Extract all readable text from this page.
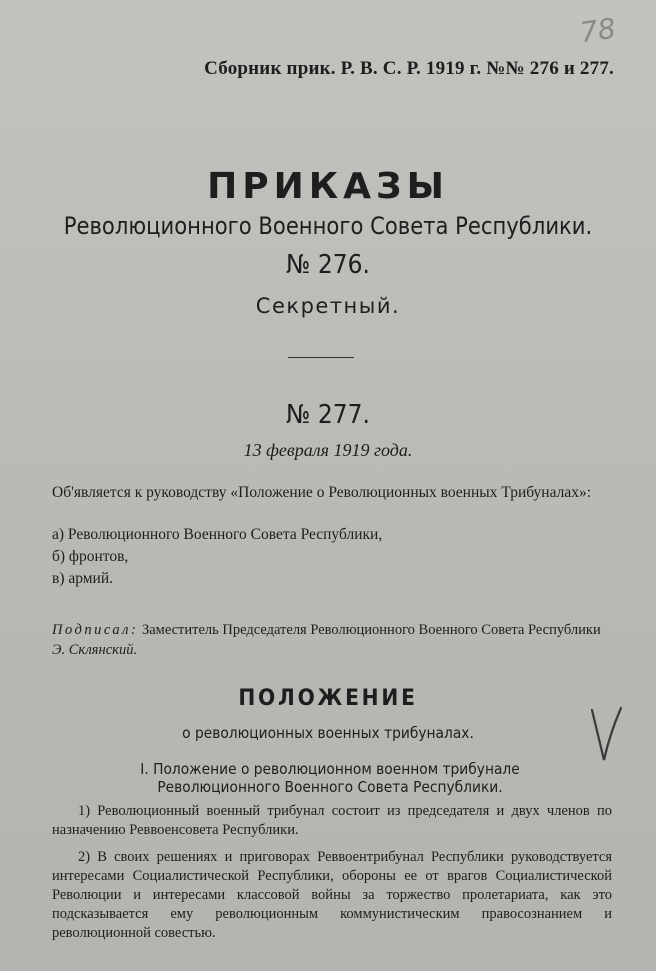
78
Сборник прик. Р. В. С. Р. 1919 г. №№ 276 и 277.
ПРИКАЗЫ
Революционного Военного Совета Республики.
№ 276.
Секретный.
№ 277.
13 февраля 1919 года.
Об'является к руководству «Положение о Революционных военных Трибуналах»:
а) Революционного Военного Совета Республики,
б) фронтов,
в) армий.
Подписал: Заместитель Председателя Революционного Военного Совета Республики
Э. Склянский.
ПОЛОЖЕНИЕ
о революционных военных трибуналах.
I. Положение о революционном военном трибунале Революционного Военного Совета Республики.

1) Революционный военный трибунал состоит из председателя и двух членов по назначению Реввоенсовета Республики.

2) В своих решениях и приговорах Реввоентрибунал Республики руководствуется интересами Социалистической Республики, обороны ее от врагов Социалистической Революции и интересами классовой войны за торжество пролетариата, как это подсказывается ему революционным коммунистическим правосознанием и революционной совестью.
